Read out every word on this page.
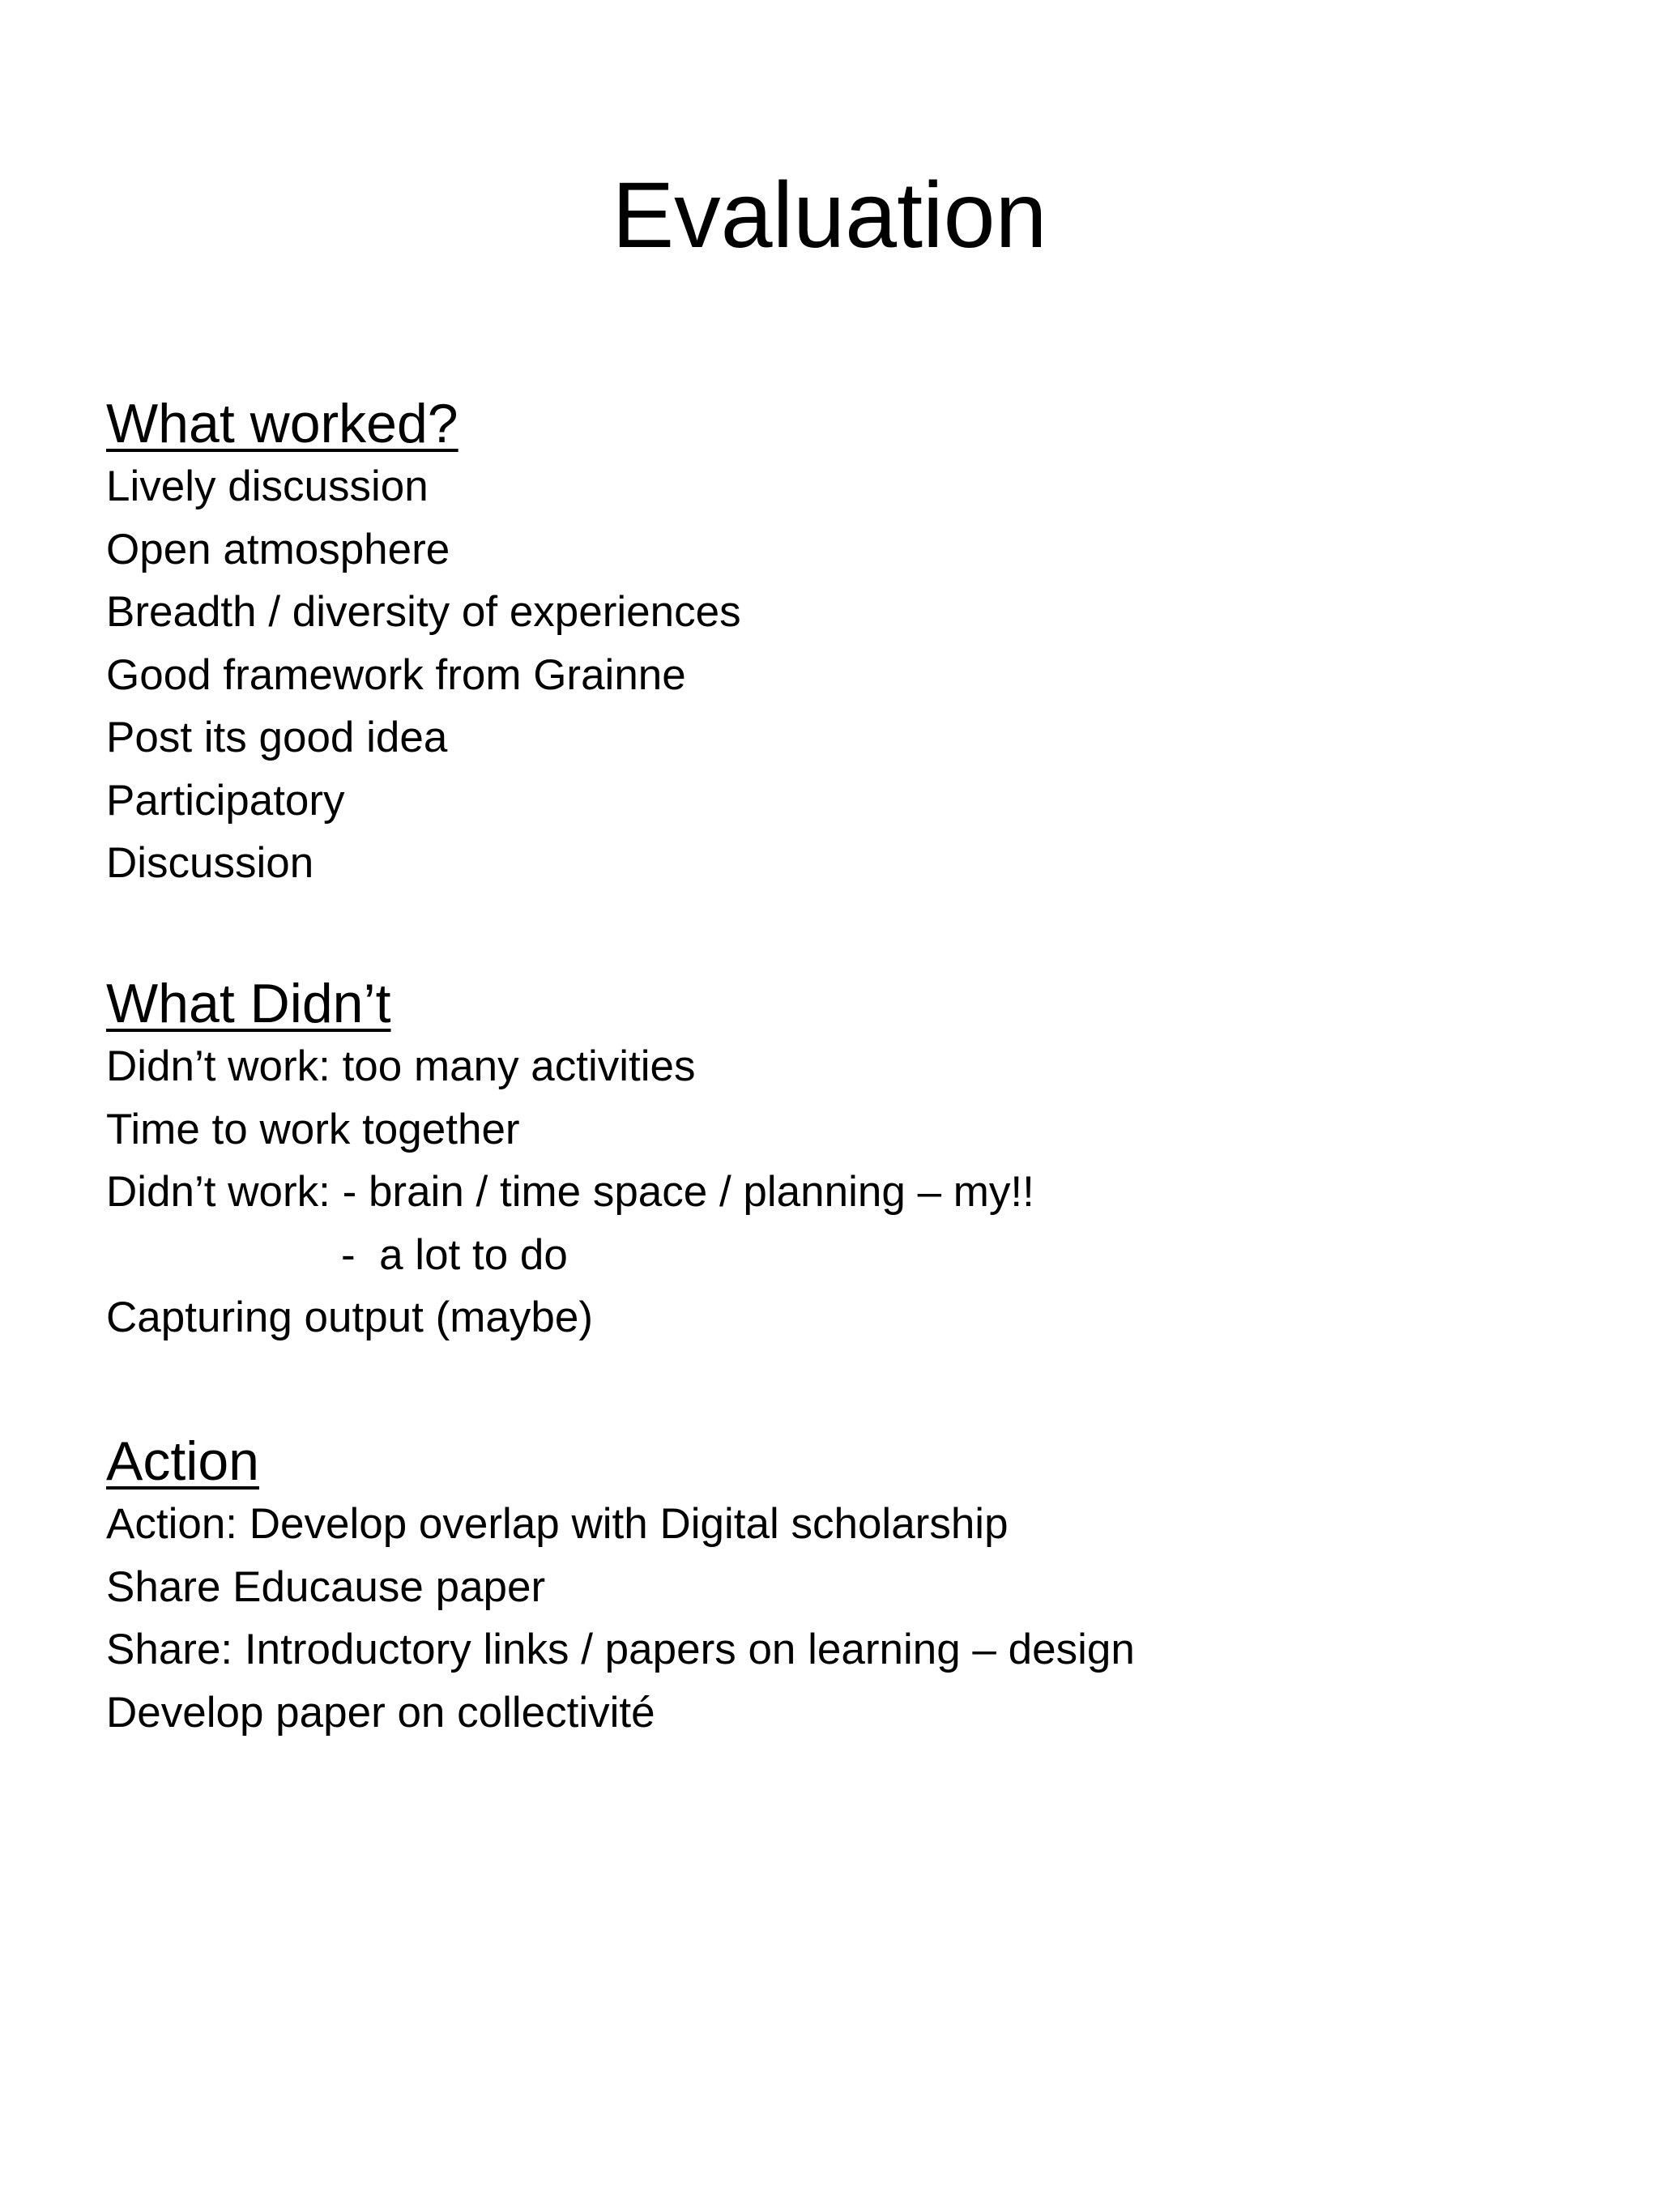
Evaluation
What worked?
Lively discussion
Open atmosphere
Breadth / diversity of experiences
Good framework from Grainne
Post its good idea
Participatory
Discussion
What Didn’t
Didn’t work: too many activities
Time to work together
Didn’t work: - brain / time space / planning – my!!
-  a lot to do
Capturing output (maybe)
Action
Action: Develop overlap with Digital scholarship
Share Educause paper
Share: Introductory links / papers on learning – design
Develop paper on collectivité
